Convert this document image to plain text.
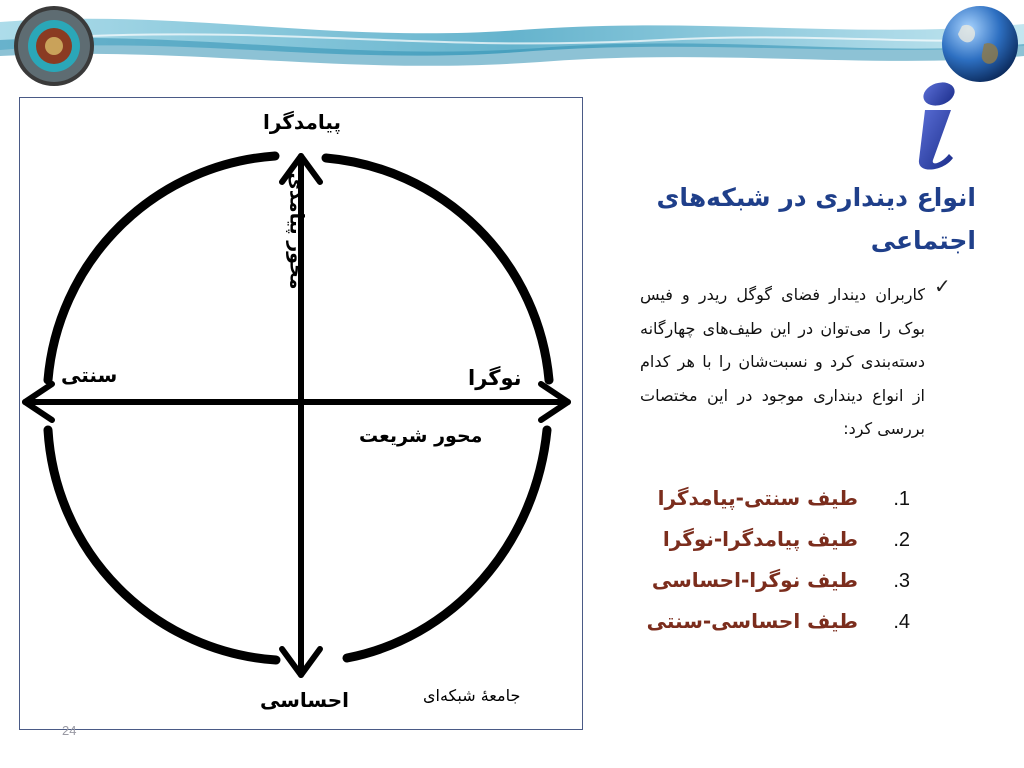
پیامدگرا
احساسی
سنتی	نوگرا
محور شریعت
محور پیامدی
جامعهٔ شبکه‌ای
24
انواع دینداری در شبکه‌های اجتماعی
✓
کاربران دیندار فضای گوگل ریدر و فیس بوک را می‌توان در این طیف‌های چهارگانه دسته‌بندی کرد و نسبت‌شان را با هر کدام از انواع دینداری موجود در این مختصات بررسی کرد:
.1
طیف سنتی-پیامدگرا
.2
طیف پیامدگرا-نوگرا
.3
طیف نوگرا-احساسی
.4
طیف احساسی-سنتی
